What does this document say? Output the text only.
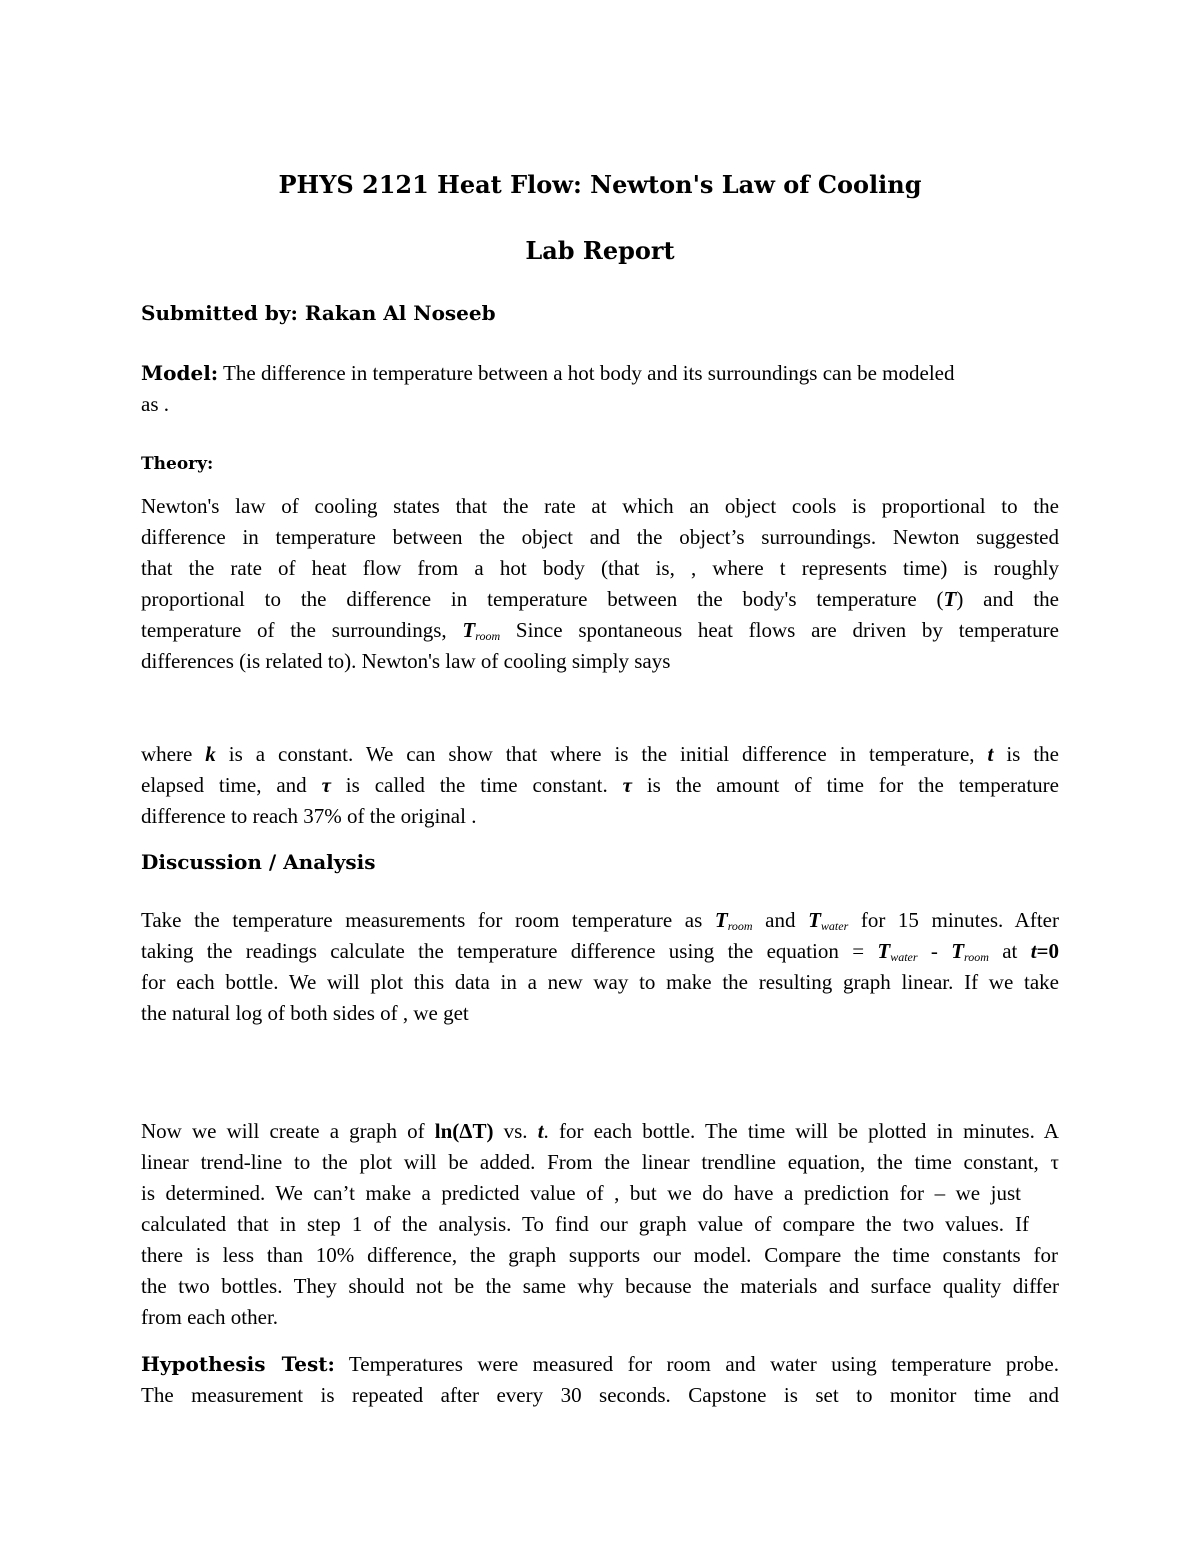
PHYS 2121 Heat Flow: Newton's Law of Cooling
Lab Report
Submitted by: Rakan Al Noseeb
Model: The difference in temperature between a hot body and its surroundings can be modeled
as .
Theory:
Newton's law of cooling states that the rate at which an object cools is proportional to the
difference in temperature between the object and the object’s surroundings. Newton suggested
that the rate of heat flow from a hot body (that is, , where t represents time) is roughly
proportional to the difference in temperature between the body's temperature (T) and the
temperature of the surroundings, $T_{room}$ Since spontaneous heat flows are driven by temperature
differences (is related to). Newton's law of cooling simply says
where k is a constant. We can show that where is the initial difference in temperature, t is the
elapsed time, and τ is called the time constant. τ is the amount of time for the temperature
difference to reach 37% of the original .
Discussion / Analysis
Take the temperature measurements for room temperature as $T_{room}$ and $T_{water}$ for 15 minutes. After
taking the readings calculate the temperature difference using the equation = $T_{water} - T_{room}$ at t=0
for each bottle. We will plot this data in a new way to make the resulting graph linear. If we take
the natural log of both sides of , we get
Now we will create a graph of ln(ΔT) vs. t. for each bottle. The time will be plotted in minutes. A
linear trend-line to the plot will be added. From the linear trendline equation, the time constant, τ
is determined. We can’t make a predicted value of , but we do have a prediction for – we just
calculated that in step 1 of the analysis. To find our graph value of compare the two values. If
there is less than 10% difference, the graph supports our model. Compare the time constants for
the two bottles. They should not be the same why because the materials and surface quality differ
from each other.
Hypothesis Test: Temperatures were measured for room and water using temperature probe.
The measurement is repeated after every 30 seconds. Capstone is set to monitor time and
